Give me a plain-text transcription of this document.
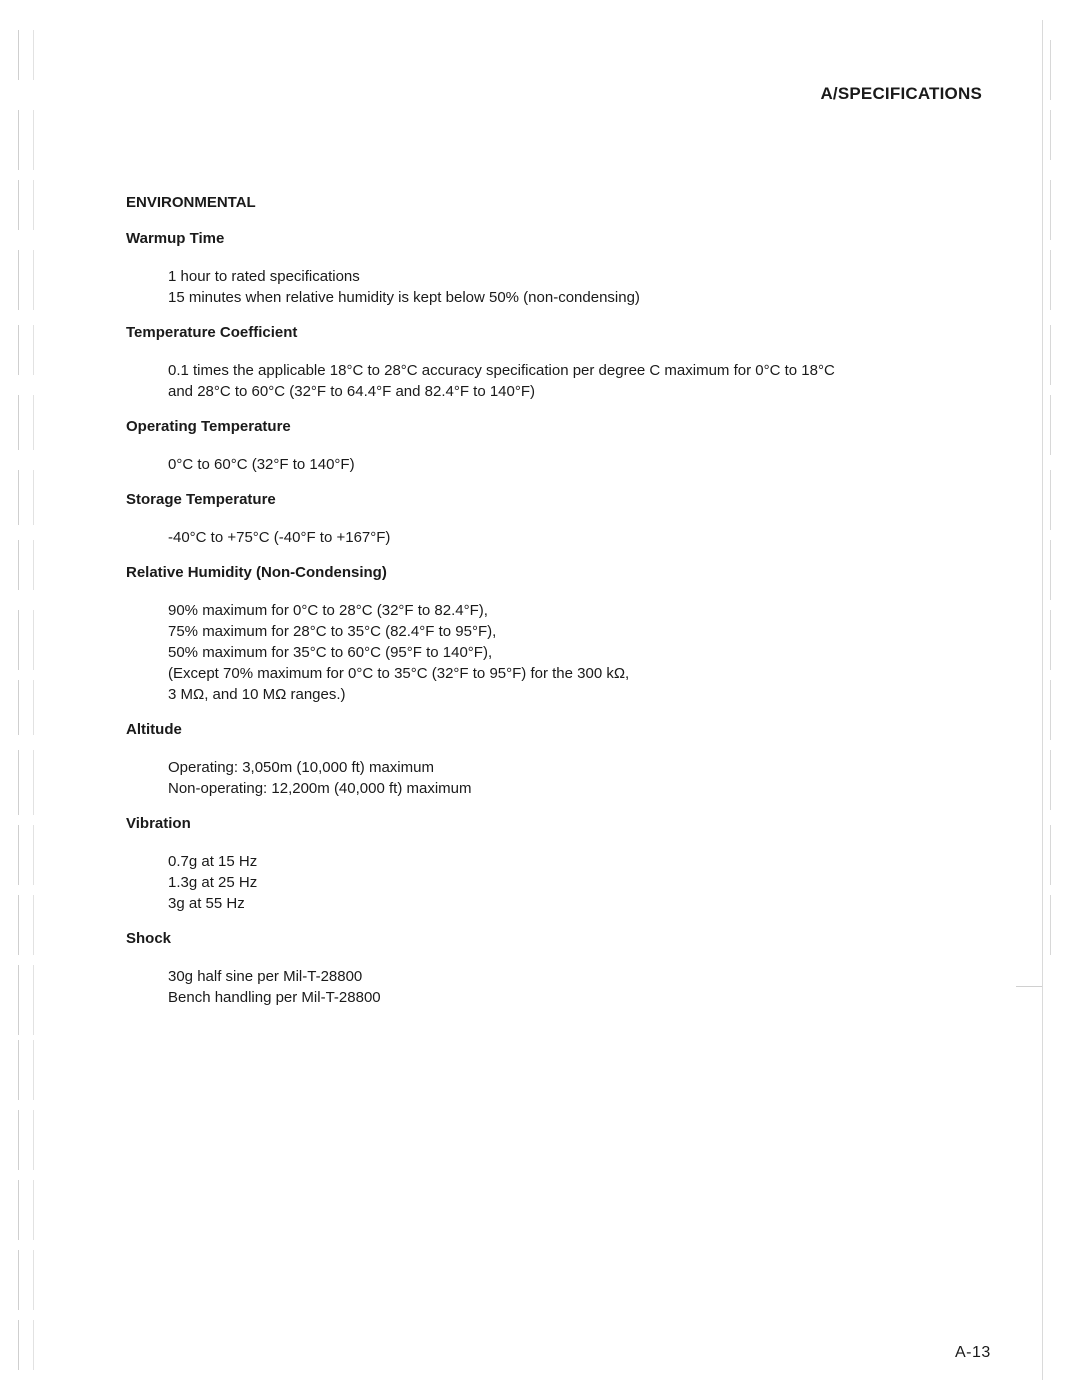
A/SPECIFICATIONS
ENVIRONMENTAL
Warmup Time
1 hour to rated specifications
15 minutes when relative humidity is kept below 50% (non-condensing)
Temperature Coefficient
0.1 times the applicable 18°C to 28°C accuracy specification per degree C maximum for 0°C to 18°C
and 28°C to 60°C (32°F to 64.4°F and 82.4°F to 140°F)
Operating Temperature
0°C to 60°C (32°F to 140°F)
Storage Temperature
-40°C to +75°C (-40°F to +167°F)
Relative Humidity (Non-Condensing)
90% maximum for 0°C to 28°C (32°F to 82.4°F),
75% maximum for 28°C to 35°C (82.4°F to 95°F),
50% maximum for 35°C to 60°C (95°F to 140°F),
(Except 70% maximum for 0°C to 35°C (32°F to 95°F) for the 300 kΩ,
3 MΩ, and 10 MΩ ranges.)
Altitude
Operating: 3,050m (10,000 ft) maximum
Non-operating: 12,200m (40,000 ft) maximum
Vibration
0.7g at 15 Hz
1.3g at 25 Hz
3g at 55 Hz
Shock
30g half sine per Mil-T-28800
Bench handling per Mil-T-28800
A-13
